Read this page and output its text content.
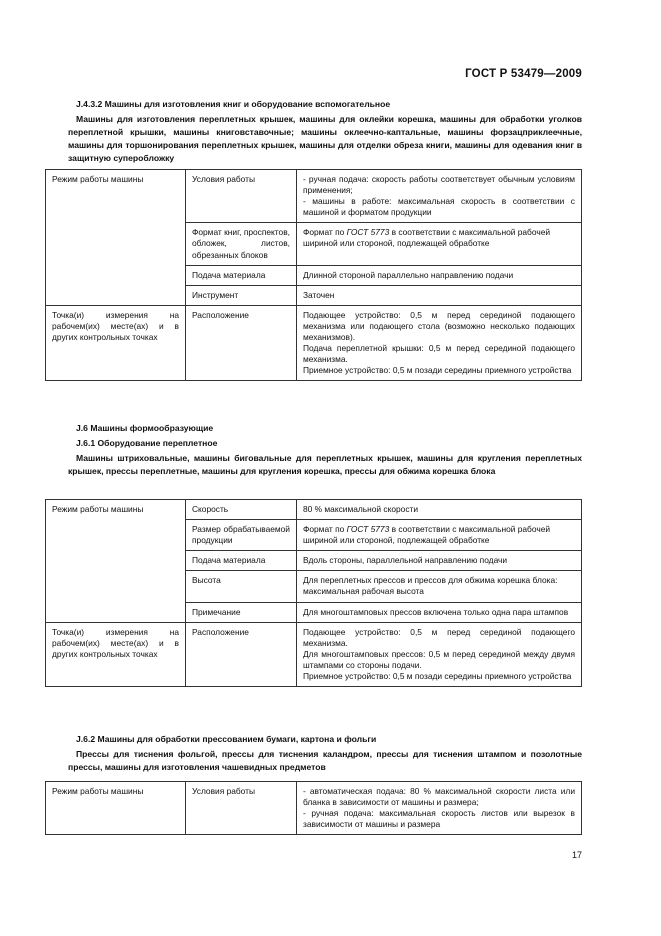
ГОСТ Р 53479—2009
J.4.3.2 Машины для изготовления книг и оборудование вспомогательное
Машины для изготовления переплетных крышек, машины для оклейки корешка, машины для обработки уголков переплетной крышки, машины книговставочные; машины оклеечно-каптальные, машины форзацприклеечные, машины для торшонирования переплетных крышек, машины для отделки обреза книги, машины для одевания книг в защитную суперобложку
Режим работы машины	Условия работы	- ручная подача: скорость работы соответствует обычным условиям применения;
- машины в работе: максимальная скорость в соответствии с машиной и форматом продукции
	Формат книг, проспектов, обложек, листов, обрезанных блоков	Формат по ГОСТ 5773 в соответствии с максимальной рабочей шириной или стороной, подлежащей обработке
	Подача материала	Длинной стороной параллельно направлению подачи
	Инструмент	Заточен
Точка(и) измерения на рабочем(их) месте(ах) и в других контрольных точках	Расположение	Подающее устройство: 0,5 м перед серединой подающего механизма или подающего стола (возможно несколько подающих механизмов).
Подача переплетной крышки: 0,5 м перед серединой подающего механизма.
Приемное устройство: 0,5 м позади середины приемного устройства
J.6 Машины формообразующие
J.6.1 Оборудование переплетное
Машины штриховальные, машины биговальные для переплетных крышек, машины для кругления переплетных крышек, прессы переплетные, машины для кругления корешка, прессы для обжима корешка блока
Режим работы машины	Скорость	80 % максимальной скорости
	Размер обрабатываемой продукции	Формат по ГОСТ 5773 в соответствии с максимальной рабочей шириной или стороной, подлежащей обработке
	Подача материала	Вдоль стороны, параллельной направлению подачи
	Высота	Для переплетных прессов и прессов для обжима корешка блока: максимальная рабочая высота
	Примечание	Для многоштамповых прессов включена только одна пара штампов
Точка(и) измерения на рабочем(их) месте(ах) и в других контрольных точках	Расположение	Подающее устройство: 0,5 м перед серединой подающего механизма.
Для многоштамповых прессов: 0,5 м перед серединой между двумя штампами со стороны подачи.
Приемное устройство: 0,5 м позади середины приемного устройства
J.6.2 Машины для обработки прессованием бумаги, картона и фольги
Прессы для тиснения фольгой, прессы для тиснения каландром, прессы для тиснения штампом и позолотные прессы, машины для изготовления чашевидных предметов
Режим работы машины	Условия работы	- автоматическая подача: 80 % максимальной скорости листа или бланка в зависимости от машины и размера;
- ручная подача: максимальная скорость листов или вырезок в зависимости от машины и размера
17
